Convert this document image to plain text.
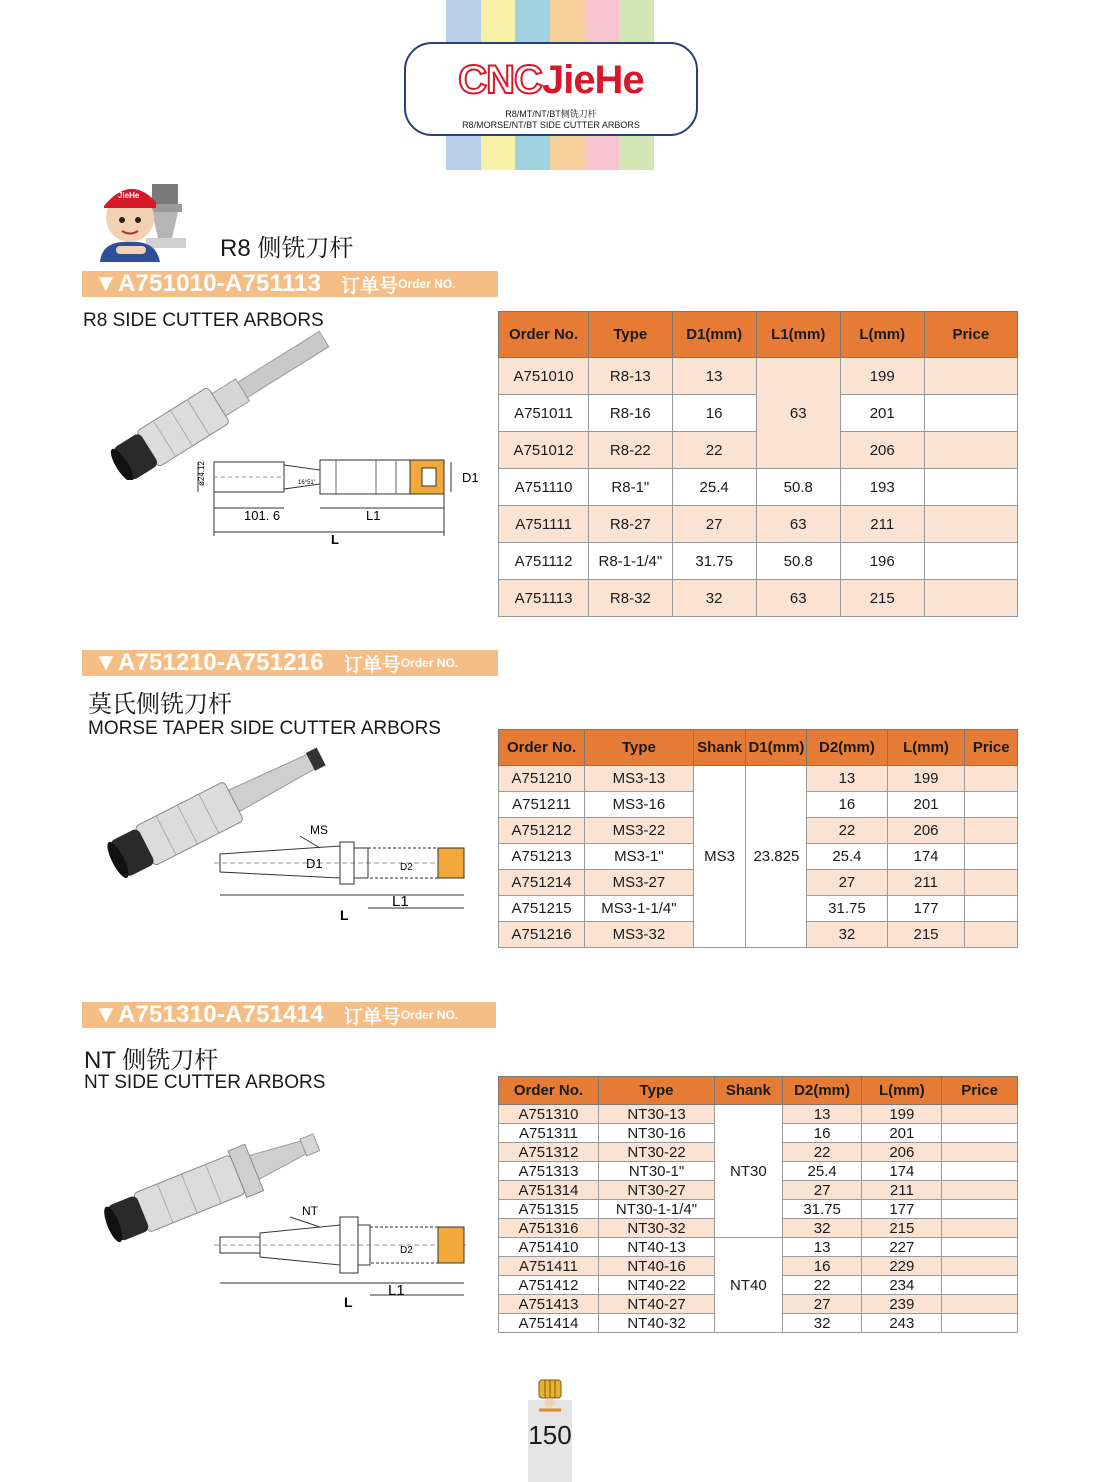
CNCJieHe
R8/MT/NT/BT侧铣刀杆
R8/MORSE/NT/BT SIDE CUTTER ARBORS
JieHe
R8 侧铣刀杆
▼A751010-A751113 订单号 Order NO.
R8 SIDE CUTTER ARBORS
ø24.12	16°51'	D1
101. 6	L1
L
Order No.	Type	D1(mm)	L1(mm)	L(mm)	Price
A751010	R8-13	13	63	199	
A751011	R8-16	16		201	
A751012	R8-22	22		206	
A751110	R8-1"	25.4	50.8	193	
A751111	R8-27	27	63	211	
A751112	R8-1-1/4"	31.75	50.8	196	
A751113	R8-32	32	63	215	
▼A751210-A751216 订单号 Order NO.
莫氏侧铣刀杆
MORSE TAPER SIDE CUTTER ARBORS
MS
D1	D2
L1
L
Order No.	Type	Shank	D1(mm)	D2(mm)	L(mm)	Price
A751210	MS3-13	MS3	23.825	13	199	
A751211	MS3-16			16	201	
A751212	MS3-22			22	206	
A751213	MS3-1"			25.4	174	
A751214	MS3-27			27	211	
A751215	MS3-1-1/4"			31.75	177	
A751216	MS3-32			32	215	
▼A751310-A751414 订单号 Order NO.
NT 侧铣刀杆
NT SIDE CUTTER ARBORS
NT
D2
L1
L
Order No.	Type	Shank	D2(mm)	L(mm)	Price
A751310	NT30-13	NT30	13	199	
A751311	NT30-16		16	201	
A751312	NT30-22		22	206	
A751313	NT30-1"		25.4	174	
A751314	NT30-27		27	211	
A751315	NT30-1-1/4"		31.75	177	
A751316	NT30-32		32	215	
A751410	NT40-13	NT40	13	227	
A751411	NT40-16		16	229	
A751412	NT40-22		22	234	
A751413	NT40-27		27	239	
A751414	NT40-32		32	243	
150
